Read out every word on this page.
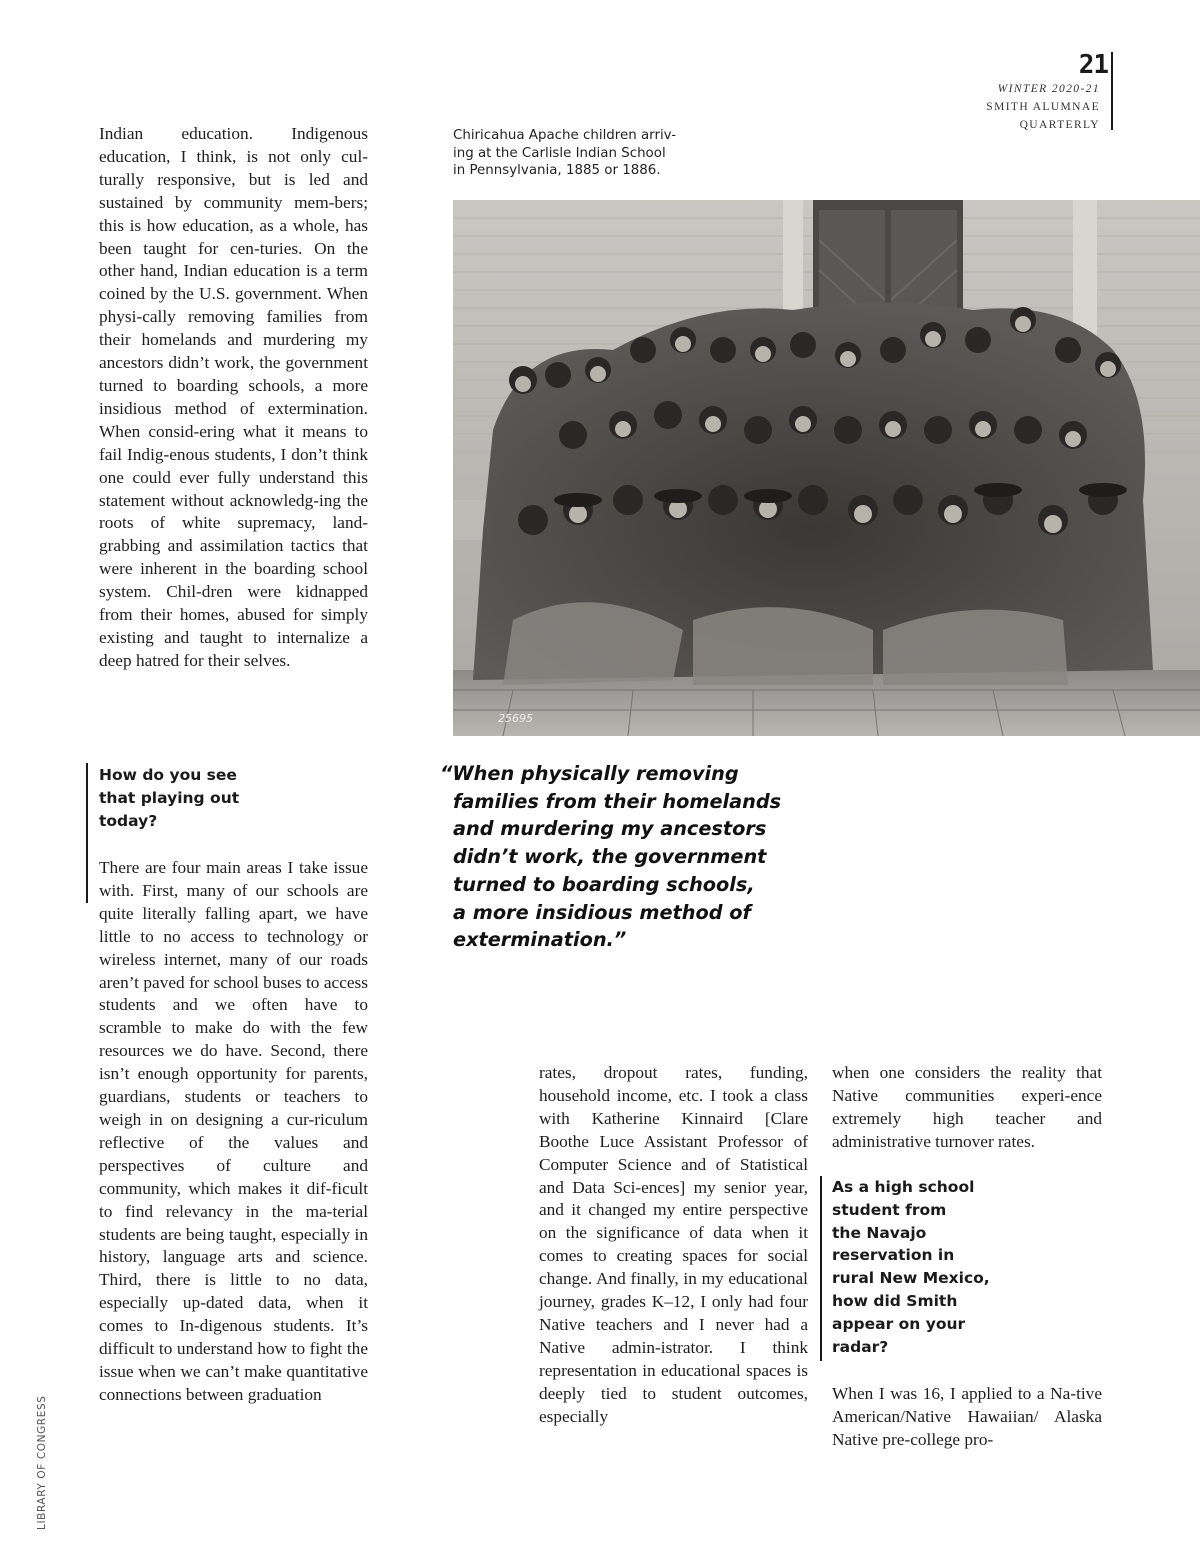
21
WINTER 2020-21
SMITH ALUMNAE
QUARTERLY
Chiricahua Apache children arriv-
ing at the Carlisle Indian School
in Pennsylvania, 1885 or 1886.
25695
LIBRARY OF CONGRESS
Indian education. Indigenous education, I think, is not only cul-turally responsive, but is led and sustained by community mem-bers; this is how education, as a whole, has been taught for cen-turies. On the other hand, Indian education is a term coined by the U.S. government. When physi-cally removing families from their homelands and murdering my ancestors didn’t work, the government turned to boarding schools, a more insidious method of extermination. When consid-ering what it means to fail Indig-enous students, I don’t think one could ever fully understand this statement without acknowledg-ing the roots of white supremacy, land-grabbing and assimilation tactics that were inherent in the boarding school system. Chil-dren were kidnapped from their homes, abused for simply existing and taught to internalize a deep hatred for their selves.
How do you see
that playing out
today?
There are four main areas I take issue with. First, many of our schools are quite literally falling apart, we have little to no access to technology or wireless internet, many of our roads aren’t paved for school buses to access students and we often have to scramble to make do with the few resources we do have. Second, there isn’t enough opportunity for parents, guardians, students or teachers to weigh in on designing a cur-riculum reflective of the values and perspectives of culture and community, which makes it dif-ficult to find relevancy in the ma-terial students are being taught, especially in history, language arts and science. Third, there is little to no data, especially up-dated data, when it comes to In-digenous students. It’s difficult to understand how to fight the issue when we can’t make quantitative connections between graduation
“When physically removing
families from their homelands
and murdering my ancestors
didn’t work, the government
turned to boarding schools,
a more insidious method of
extermination.”
rates, dropout rates, funding, household income, etc. I took a class with Katherine Kinnaird [Clare Boothe Luce Assistant Professor of Computer Science and of Statistical and Data Sci-ences] my senior year, and it changed my entire perspective on the significance of data when it comes to creating spaces for social change. And finally, in my educational journey, grades K–12, I only had four Native teachers and I never had a Native admin-istrator. I think representation in educational spaces is deeply tied to student outcomes, especially
when one considers the reality that Native communities experi-ence extremely high teacher and administrative turnover rates.
As a high school
student from
the Navajo
reservation in
rural New Mexico,
how did Smith
appear on your
radar?
When I was 16, I applied to a Na-tive American/Native Hawaiian/ Alaska Native pre-college pro-
